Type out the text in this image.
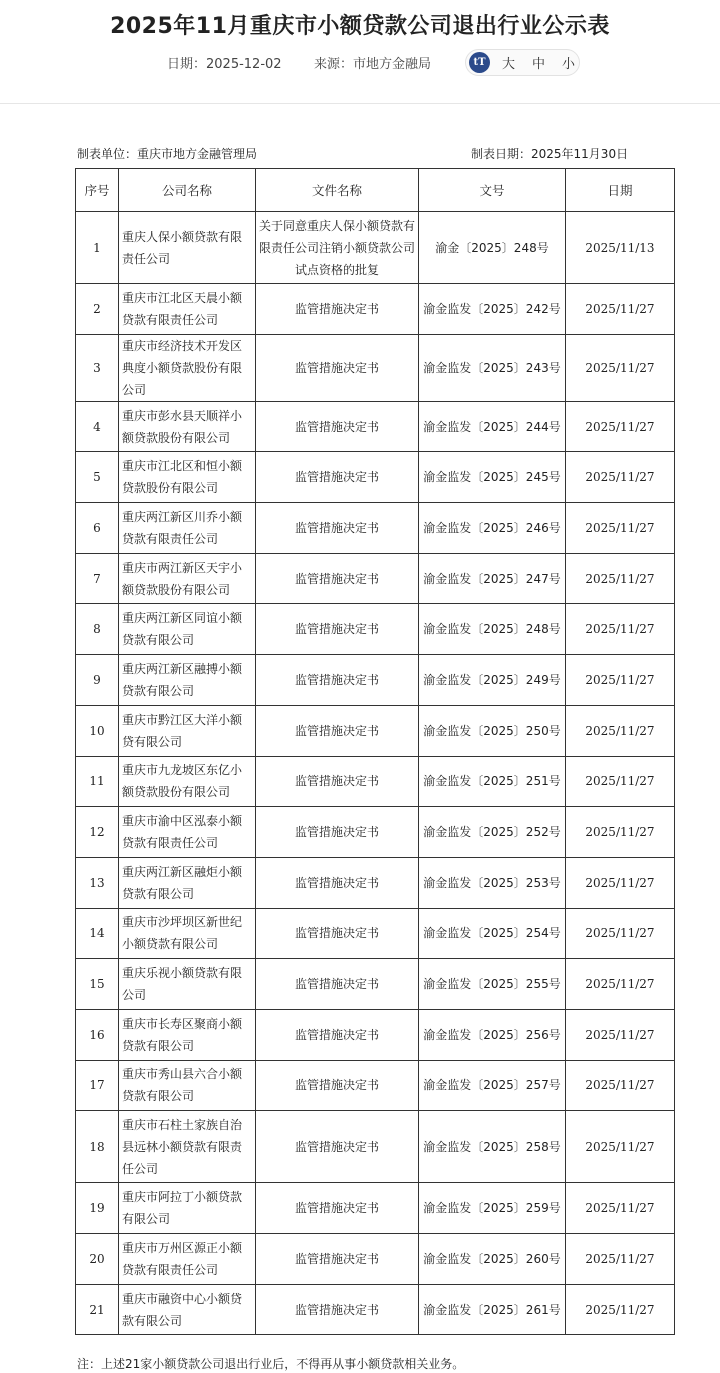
2025年11月重庆市小额贷款公司退出行业公示表
日期：2025-12-02 来源：市地方金融局	tT	大 中 小
制表单位：重庆市地方金融管理局	制表日期：2025年11月30日
序号	公司名称	文件名称	文号	日期
1	重庆人保小额贷款有限责任公司	关于同意重庆人保小额贷款有限责任公司注销小额贷款公司试点资格的批复	渝金〔2025〕248号	2025/11/13
2	重庆市江北区天晨小额贷款有限责任公司	监管措施决定书	渝金监发〔2025〕242号	2025/11/27
3	重庆市经济技术开发区典度小额贷款股份有限公司	监管措施决定书	渝金监发〔2025〕243号	2025/11/27
4	重庆市彭水县天顺祥小额贷款股份有限公司	监管措施决定书	渝金监发〔2025〕244号	2025/11/27
5	重庆市江北区和恒小额贷款股份有限公司	监管措施决定书	渝金监发〔2025〕245号	2025/11/27
6	重庆两江新区川乔小额贷款有限责任公司	监管措施决定书	渝金监发〔2025〕246号	2025/11/27
7	重庆市两江新区天宇小额贷款股份有限公司	监管措施决定书	渝金监发〔2025〕247号	2025/11/27
8	重庆两江新区同谊小额贷款有限公司	监管措施决定书	渝金监发〔2025〕248号	2025/11/27
9	重庆两江新区融搏小额贷款有限公司	监管措施决定书	渝金监发〔2025〕249号	2025/11/27
10	重庆市黔江区大洋小额贷有限公司	监管措施决定书	渝金监发〔2025〕250号	2025/11/27
11	重庆市九龙坡区东亿小额贷款股份有限公司	监管措施决定书	渝金监发〔2025〕251号	2025/11/27
12	重庆市渝中区泓泰小额贷款有限责任公司	监管措施决定书	渝金监发〔2025〕252号	2025/11/27
13	重庆两江新区融炬小额贷款有限公司	监管措施决定书	渝金监发〔2025〕253号	2025/11/27
14	重庆市沙坪坝区新世纪小额贷款有限公司	监管措施决定书	渝金监发〔2025〕254号	2025/11/27
15	重庆乐视小额贷款有限公司	监管措施决定书	渝金监发〔2025〕255号	2025/11/27
16	重庆市长寿区聚商小额贷款有限公司	监管措施决定书	渝金监发〔2025〕256号	2025/11/27
17	重庆市秀山县六合小额贷款有限公司	监管措施决定书	渝金监发〔2025〕257号	2025/11/27
18	重庆市石柱土家族自治县远林小额贷款有限责任公司	监管措施决定书	渝金监发〔2025〕258号	2025/11/27
19	重庆市阿拉丁小额贷款有限公司	监管措施决定书	渝金监发〔2025〕259号	2025/11/27
20	重庆市万州区源正小额贷款有限责任公司	监管措施决定书	渝金监发〔2025〕260号	2025/11/27
21	重庆市融资中心小额贷款有限公司	监管措施决定书	渝金监发〔2025〕261号	2025/11/27
注：上述21家小额贷款公司退出行业后，不得再从事小额贷款相关业务。
